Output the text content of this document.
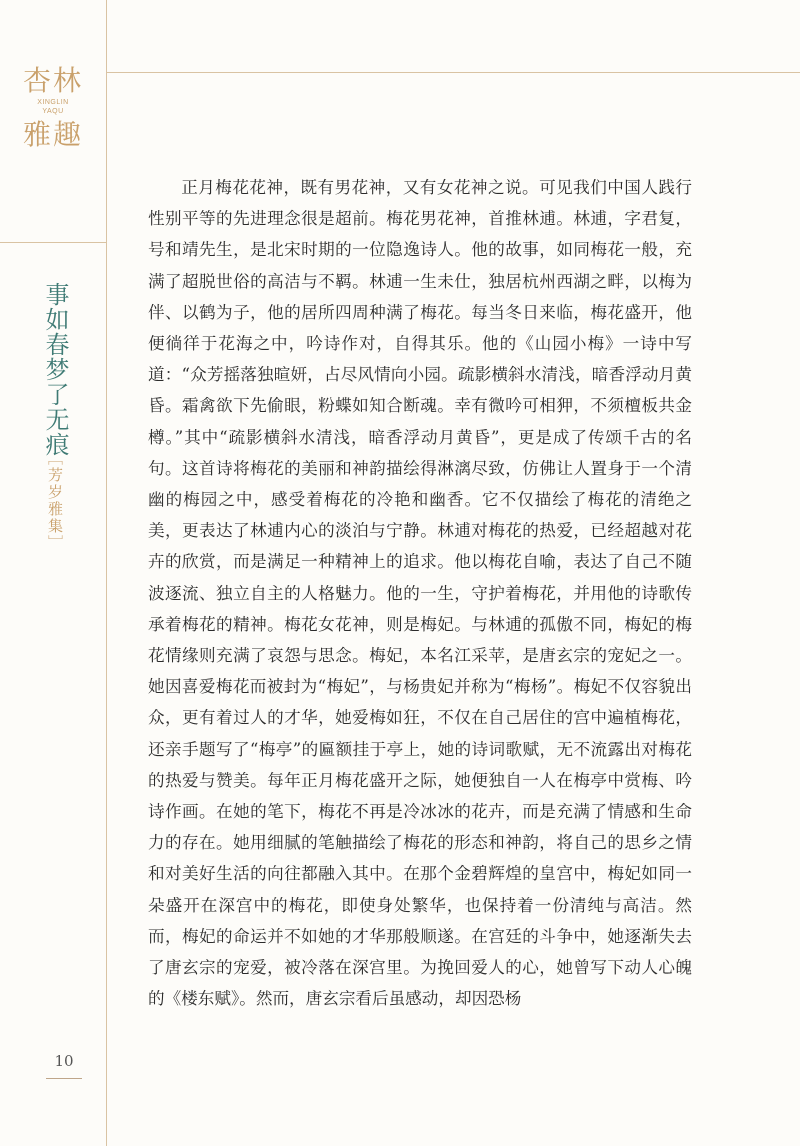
杏林
XINGLIN
YAQU
雅趣
事如春梦了无痕
［芳岁雅集］

正月梅花花神，既有男花神，又有女花神之说。可见我们中国人践行性别平等的先进理念很是超前。梅花男花神，首推林逋。林逋，字君复，号和靖先生，是北宋时期的一位隐逸诗人。他的故事，如同梅花一般，充满了超脱世俗的高洁与不羁。林逋一生未仕，独居杭州西湖之畔，以梅为伴、以鹤为子，他的居所四周种满了梅花。每当冬日来临，梅花盛开，他便徜徉于花海之中，吟诗作对，自得其乐。他的《山园小梅》一诗中写道：“众芳摇落独暄妍，占尽风情向小园。疏影横斜水清浅，暗香浮动月黄昏。霜禽欲下先偷眼，粉蝶如知合断魂。幸有微吟可相狎，不须檀板共金樽。”其中“疏影横斜水清浅，暗香浮动月黄昏”，更是成了传颂千古的名句。这首诗将梅花的美丽和神韵描绘得淋漓尽致，仿佛让人置身于一个清幽的梅园之中，感受着梅花的冷艳和幽香。它不仅描绘了梅花的清绝之美，更表达了林逋内心的淡泊与宁静。林逋对梅花的热爱，已经超越对花卉的欣赏，而是满足一种精神上的追求。他以梅花自喻，表达了自己不随波逐流、独立自主的人格魅力。他的一生，守护着梅花，并用他的诗歌传承着梅花的精神。梅花女花神，则是梅妃。与林逋的孤傲不同，梅妃的梅花情缘则充满了哀怨与思念。梅妃，本名江采苹，是唐玄宗的宠妃之一。她因喜爱梅花而被封为“梅妃”，与杨贵妃并称为“梅杨”。梅妃不仅容貌出众，更有着过人的才华，她爱梅如狂，不仅在自己居住的宫中遍植梅花，还亲手题写了“梅亭”的匾额挂于亭上，她的诗词歌赋，无不流露出对梅花的热爱与赞美。每年正月梅花盛开之际，她便独自一人在梅亭中赏梅、吟诗作画。在她的笔下，梅花不再是冷冰冰的花卉，而是充满了情感和生命力的存在。她用细腻的笔触描绘了梅花的形态和神韵，将自己的思乡之情和对美好生活的向往都融入其中。在那个金碧辉煌的皇宫中，梅妃如同一朵盛开在深宫中的梅花，即使身处繁华，也保持着一份清纯与高洁。然而，梅妃的命运并不如她的才华那般顺遂。在宫廷的斗争中，她逐渐失去了唐玄宗的宠爱，被冷落在深宫里。为挽回爱人的心，她曾写下动人心魄的《楼东赋》。然而，唐玄宗看后虽感动，却因恐杨

10
